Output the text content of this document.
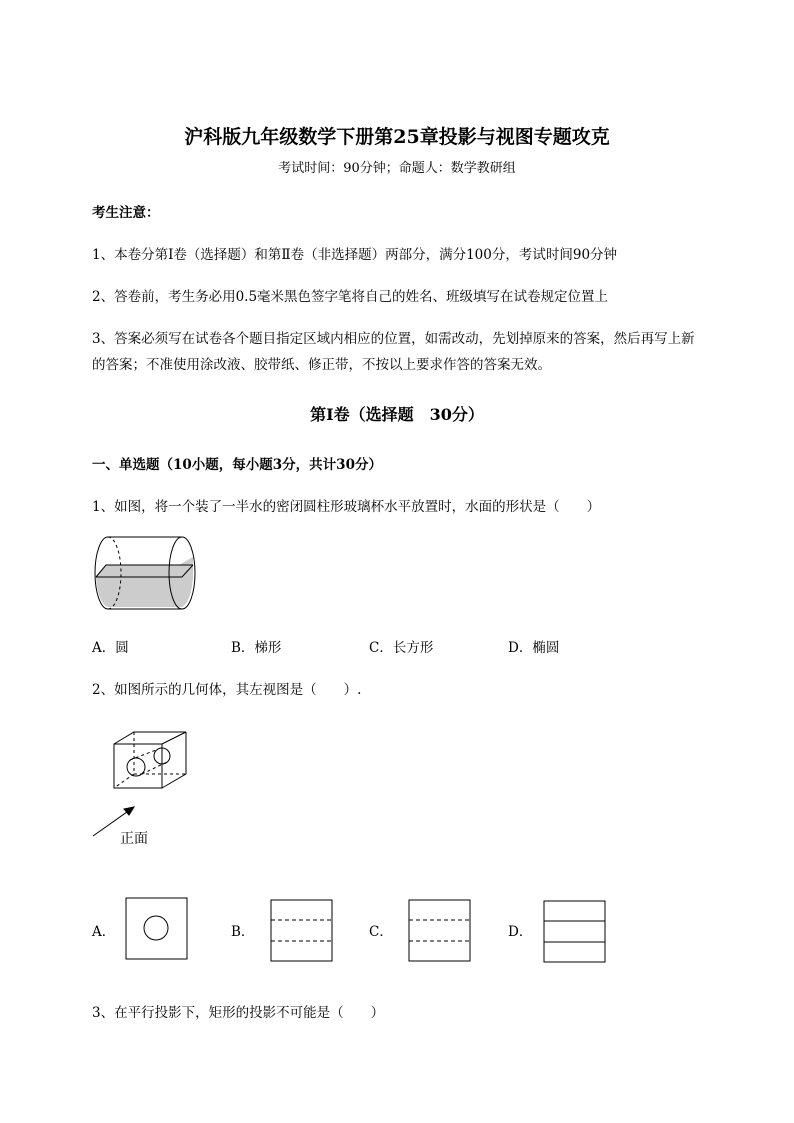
沪科版九年级数学下册第25章投影与视图专题攻克
考试时间：90分钟；命题人：数学教研组
考生注意：
1、本卷分第I卷（选择题）和第Ⅱ卷（非选择题）两部分，满分100分，考试时间90分钟
2、答卷前，考生务必用0.5毫米黑色签字笔将自己的姓名、班级填写在试卷规定位置上
3、答案必须写在试卷各个题目指定区域内相应的位置，如需改动，先划掉原来的答案，然后再写上新
的答案；不准使用涂改液、胶带纸、修正带，不按以上要求作答的答案无效。
第I卷（选择题　30分）
一、单选题（10小题，每小题3分，共计30分）
1、如图，将一个装了一半水的密闭圆柱形玻璃杯水平放置时，水面的形状是（　　）
A．圆	B．梯形	C．长方形	D．椭圆
2、如图所示的几何体，其左视图是（　　）.
正面
A．	B．	C．	D．
3、在平行投影下，矩形的投影不可能是（　　）
